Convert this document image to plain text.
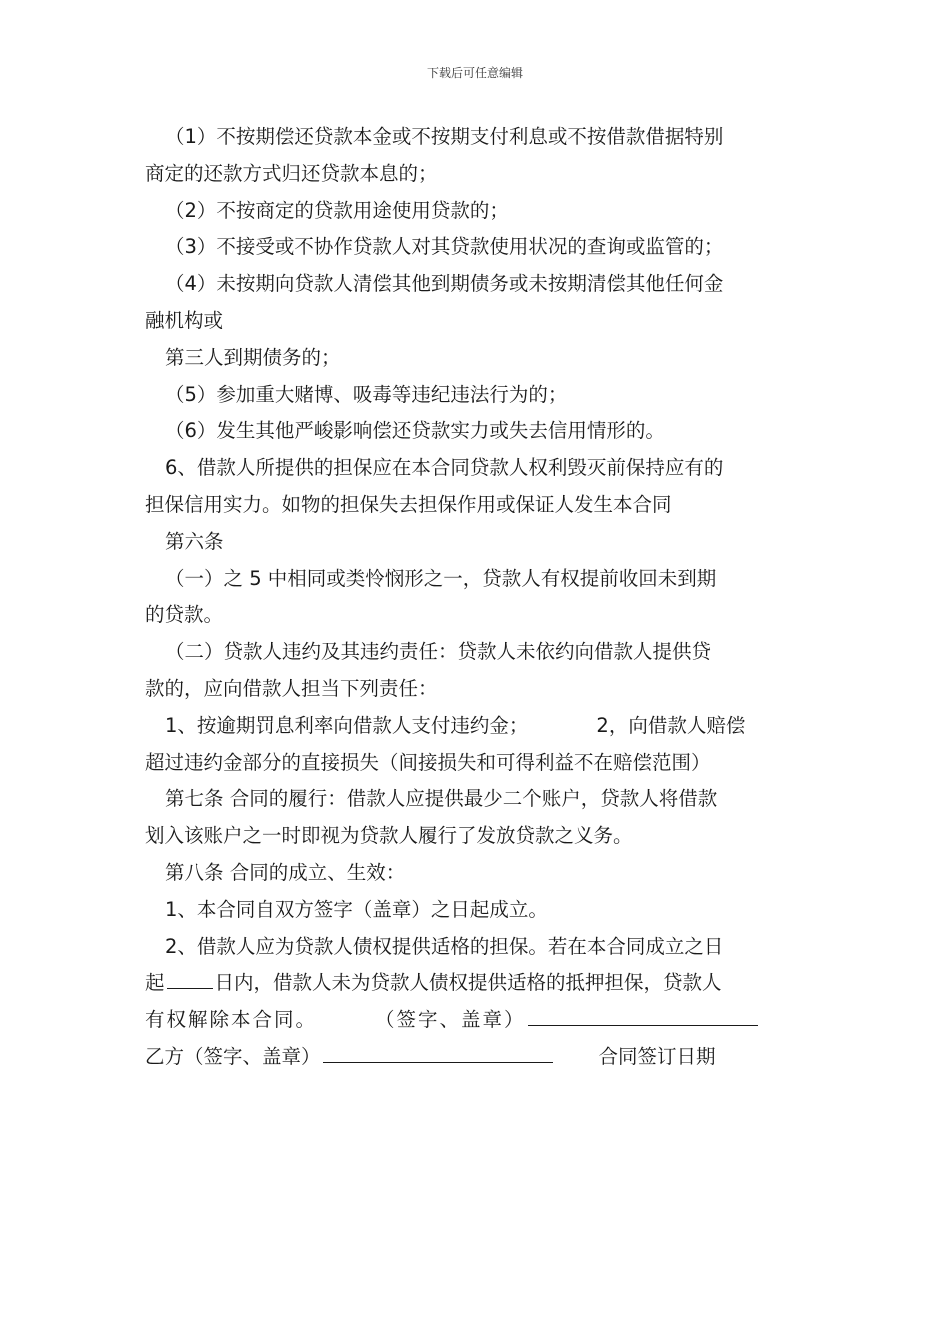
下载后可任意编辑
（1）不按期偿还贷款本金或不按期支付利息或不按借款借据特别
商定的还款方式归还贷款本息的；
（2）不按商定的贷款用途使用贷款的；
（3）不接受或不协作贷款人对其贷款使用状况的查询或监管的；
（4）未按期向贷款人清偿其他到期债务或未按期清偿其他任何金
融机构或
第三人到期债务的；
（5）参加重大赌博、吸毒等违纪违法行为的；
（6）发生其他严峻影响偿还贷款实力或失去信用情形的。
6、借款人所提供的担保应在本合同贷款人权利毁灭前保持应有的
担保信用实力。如物的担保失去担保作用或保证人发生本合同
第六条
（一）之 5 中相同或类怜悯形之一，贷款人有权提前收回未到期
的贷款。
（二）贷款人违约及其违约责任：贷款人未依约向借款人提供贷
款的，应向借款人担当下列责任：
1、按逾期罚息利率向借款人支付违约金；	2，向借款人赔偿
超过违约金部分的直接损失（间接损失和可得利益不在赔偿范围）
第七条 合同的履行：借款人应提供最少二个账户，贷款人将借款
划入该账户之一时即视为贷款人履行了发放贷款之义务。
第八条 合同的成立、生效：
1、本合同自双方签字（盖章）之日起成立。
2、借款人应为贷款人债权提供适格的担保。若在本合同成立之日
起	日内，借款人未为贷款人债权提供适格的抵押担保，贷款人
有权解除本合同。	（签字、盖章）
乙方（签字、盖章）	合同签订日期
